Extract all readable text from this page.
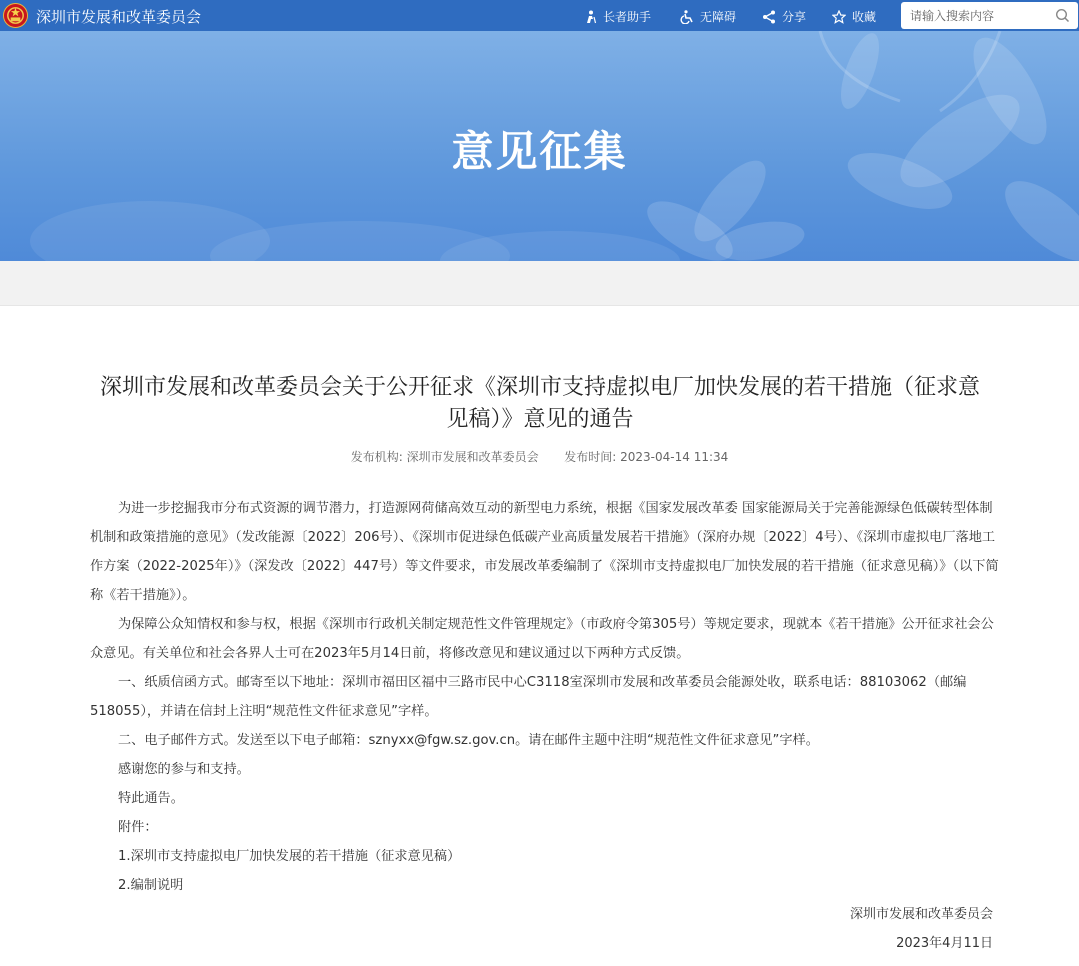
深圳市发展和改革委员会	长者助手	无障碍	分享	收藏
请输入搜索内容
意见征集
深圳市发展和改革委员会关于公开征求《深圳市支持虚拟电厂加快发展的若干措施（征求意见稿）》意见的通告
发布机构: 深圳市发展和改革委员会 发布时间: 2023-04-14 11:34

为进一步挖掘我市分布式资源的调节潜力，打造源网荷储高效互动的新型电力系统，根据《国家发展改革委 国家能源局关于完善能源绿色低碳转型体制机制和政策措施的意见》（发改能源〔2022〕206号）、《深圳市促进绿色低碳产业高质量发展若干措施》（深府办规〔2022〕4号）、《深圳市虚拟电厂落地工作方案（2022-2025年）》（深发改〔2022〕447号）等文件要求，市发展改革委编制了《深圳市支持虚拟电厂加快发展的若干措施（征求意见稿）》（以下简称《若干措施》）。

为保障公众知情权和参与权，根据《深圳市行政机关制定规范性文件管理规定》（市政府令第305号）等规定要求，现就本《若干措施》公开征求社会公众意见。有关单位和社会各界人士可在2023年5月14日前，将修改意见和建议通过以下两种方式反馈。

一、纸质信函方式。邮寄至以下地址：深圳市福田区福中三路市民中心C3118室深圳市发展和改革委员会能源处收，联系电话：88103062（邮编518055），并请在信封上注明“规范性文件征求意见”字样。

二、电子邮件方式。发送至以下电子邮箱：sznyxx@fgw.sz.gov.cn。请在邮件主题中注明“规范性文件征求意见”字样。

感谢您的参与和支持。

特此通告。

附件：

1.深圳市支持虚拟电厂加快发展的若干措施（征求意见稿）

2.编制说明

深圳市发展和改革委员会
2023年4月11日
